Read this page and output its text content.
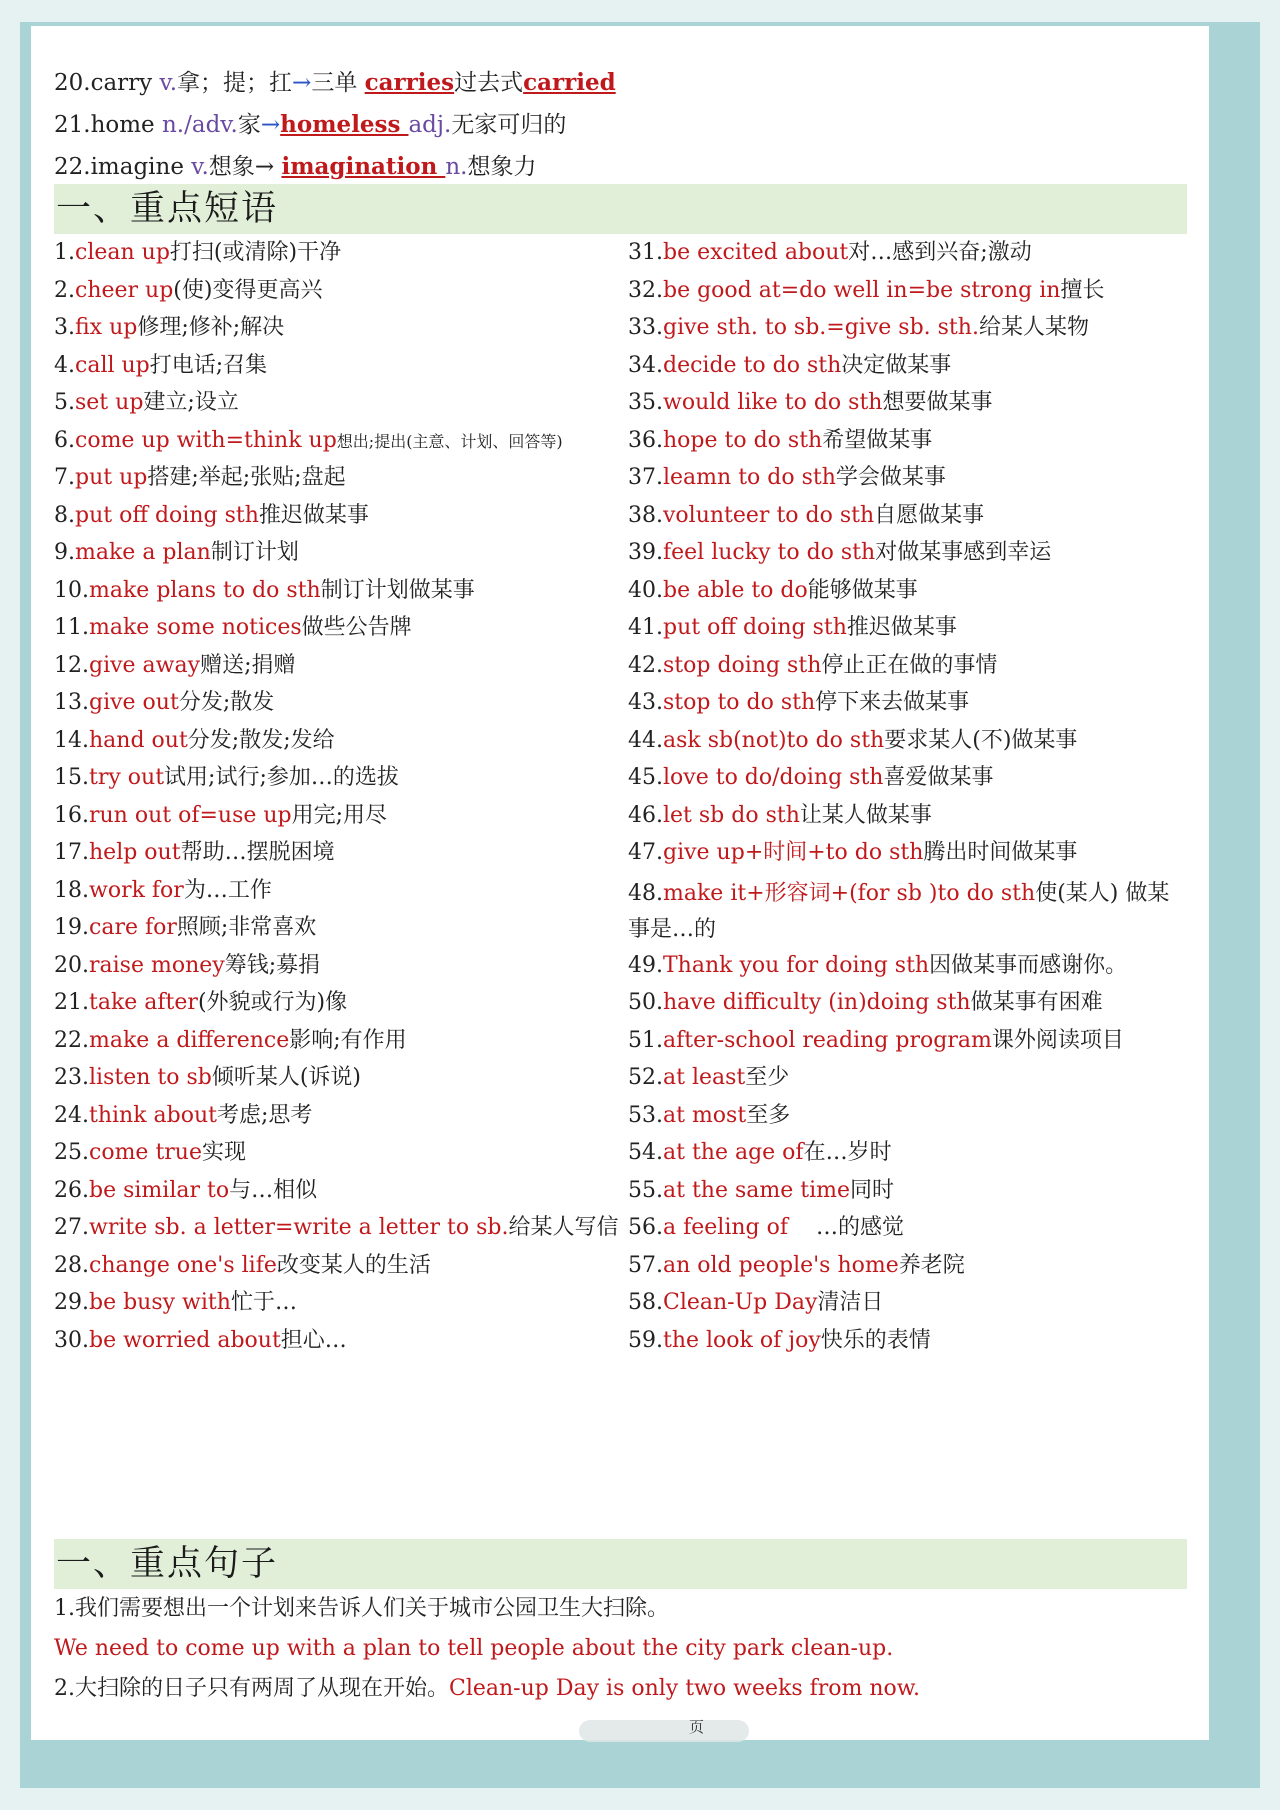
20.carry v.拿；提；扛→三单 carries过去式carried
21.home n./adv.家→homeless adj.无家可归的
22.imagine v.想象→ imagination n.想象力
一、重点短语
1.clean up打扫(或清除)干净
2.cheer up(使)变得更高兴
3.fix up修理;修补;解决
4.call up打电话;召集
5.set up建立;设立
6.come up with=think up想出;提出(主意、计划、回答等)
7.put up搭建;举起;张贴;盘起
8.put off doing sth推迟做某事
9.make a plan制订计划
10.make plans to do sth制订计划做某事
11.make some notices做些公告牌
12.give away赠送;捐赠
13.give out分发;散发
14.hand out分发;散发;发给
15.try out试用;试行;参加…的选拔
16.run out of=use up用完;用尽
17.help out帮助…摆脱困境
18.work for为…工作
19.care for照顾;非常喜欢
20.raise money筹钱;募捐
21.take after(外貌或行为)像
22.make a difference影响;有作用
23.listen to sb倾听某人(诉说)
24.think about考虑;思考
25.come true实现
26.be similar to与…相似
27.write sb. a letter=write a letter to sb.给某人写信
28.change one's life改变某人的生活
29.be busy with忙于…
30.be worried about担心…
31.be excited about对…感到兴奋;激动
32.be good at=do well in=be strong in擅长
33.give sth. to sb.=give sb. sth.给某人某物
34.decide to do sth决定做某事
35.would like to do sth想要做某事
36.hope to do sth希望做某事
37.leamn to do sth学会做某事
38.volunteer to do sth自愿做某事
39.feel lucky to do sth对做某事感到幸运
40.be able to do能够做某事
41.put off doing sth推迟做某事
42.stop doing sth停止正在做的事情
43.stop to do sth停下来去做某事
44.ask sb(not)to do sth要求某人(不)做某事
45.love to do/doing sth喜爱做某事
46.let sb do sth让某人做某事
47.give up+时间+to do sth腾出时间做某事
48.make it+形容词+(for sb )to do sth使(某人) 做某事是…的
49.Thank you for doing sth因做某事而感谢你。
50.have difficulty (in)doing sth做某事有困难
51.after-school reading program课外阅读项目
52.at least至少
53.at most至多
54.at the age of在…岁时
55.at the same time同时
56.a feeling of    …的感觉
57.an old people's home养老院
58.Clean-Up Day清洁日
59.the look of joy快乐的表情
一、重点句子
1.我们需要想出一个计划来告诉人们关于城市公园卫生大扫除。
We need to come up with a plan to tell people about the city park clean-up.
2.大扫除的日子只有两周了从现在开始。Clean-up Day is only two weeks from now.
页
